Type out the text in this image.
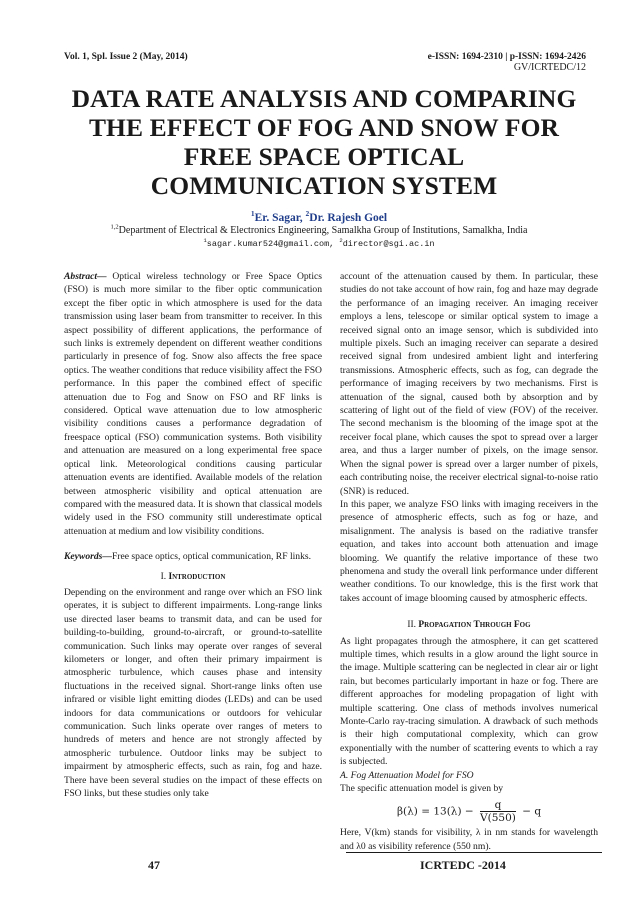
Vol. 1, Spl. Issue 2 (May, 2014)	e-ISSN: 1694-2310 | p-ISSN: 1694-2426
GV/ICRTEDC/12
DATA RATE ANALYSIS AND COMPARING
THE EFFECT OF FOG AND SNOW FOR
FREE SPACE OPTICAL
COMMUNICATION SYSTEM
$^1$Er. Sagar, $^2$Dr. Rajesh Goel
$^{1,2}$Department of Electrical & Electronics Engineering, Samalkha Group of Institutions, Samalkha, India
$^1$sagar.kumar524@gmail.com, $^2$director@sgi.ac.in

Abstract— Optical wireless technology or Free Space Optics (FSO) is much more similar to the fiber optic communication except the fiber optic in which atmosphere is used for the data transmission using laser beam from transmitter to receiver. In this aspect possibility of different applications, the performance of such links is extremely dependent on different weather conditions particularly in presence of fog. Snow also affects the free space optics. The weather conditions that reduce visibility affect the FSO performance. In this paper the combined effect of specific attenuation due to Fog and Snow on FSO and RF links is considered. Optical wave attenuation due to low atmospheric visibility conditions causes a performance degradation of freespace optical (FSO) communication systems. Both visibility and attenuation are measured on a long experimental free space optical link. Meteorological conditions causing particular attenuation events are identified. Available models of the relation between atmospheric visibility and optical attenuation are compared with the measured data. It is shown that classical models widely used in the FSO community still underestimate optical attenuation at medium and low visibility conditions.

Keywords—Free space optics, optical communication, RF links.

I. Introduction

Depending on the environment and range over which an FSO link operates, it is subject to different impairments. Long-range links use directed laser beams to transmit data, and can be used for building-to-building, ground-to-aircraft, or ground-to-satellite communication. Such links may operate over ranges of several kilometers or longer, and often their primary impairment is atmospheric turbulence, which causes phase and intensity fluctuations in the received signal. Short-range links often use infrared or visible light emitting diodes (LEDs) and can be used indoors for data communications or outdoors for vehicular communication. Such links operate over ranges of meters to hundreds of meters and hence are not strongly affected by atmospheric turbulence. Outdoor links may be subject to impairment by atmospheric effects, such as rain, fog and haze. There have been several studies on the impact of these effects on FSO links, but these studies only take

account of the attenuation caused by them. In particular, these studies do not take account of how rain, fog and haze may degrade the performance of an imaging receiver. An imaging receiver employs a lens, telescope or similar optical system to image a received signal onto an image sensor, which is subdivided into multiple pixels. Such an imaging receiver can separate a desired received signal from undesired ambient light and interfering transmissions. Atmospheric effects, such as fog, can degrade the performance of imaging receivers by two mechanisms. First is attenuation of the signal, caused both by absorption and by scattering of light out of the field of view (FOV) of the receiver. The second mechanism is the blooming of the image spot at the receiver focal plane, which causes the spot to spread over a larger area, and thus a larger number of pixels, on the image sensor. When the signal power is spread over a larger number of pixels, each contributing noise, the receiver electrical signal-to-noise ratio (SNR) is reduced.

In this paper, we analyze FSO links with imaging receivers in the presence of atmospheric effects, such as fog or haze, and misalignment. The analysis is based on the radiative transfer equation, and takes into account both attenuation and image blooming. We quantify the relative importance of these two phenomena and study the overall link performance under different weather conditions. To our knowledge, this is the first work that takes account of image blooming caused by atmospheric effects.

II. Propagation Through Fog

As light propagates through the atmosphere, it can get scattered multiple times, which results in a glow around the light source in the image. Multiple scattering can be neglected in clear air or light rain, but becomes particularly important in haze or fog. There are different approaches for modeling propagation of light with multiple scattering. One class of methods involves numerical Monte-Carlo ray-tracing simulation. A drawback of such methods is their high computational complexity, which can grow exponentially with the number of scattering events to which a ray is subjected.

A. Fog Attenuation Model for FSO

The specific attenuation model is given by

$\beta(\lambda) = 13(\lambda) - \frac{q}{V(550)} - q$

Here, V(km) stands for visibility, λ in nm stands for wavelength and λ0 as visibility reference (550 nm).

47	ICRTEDC -2014
